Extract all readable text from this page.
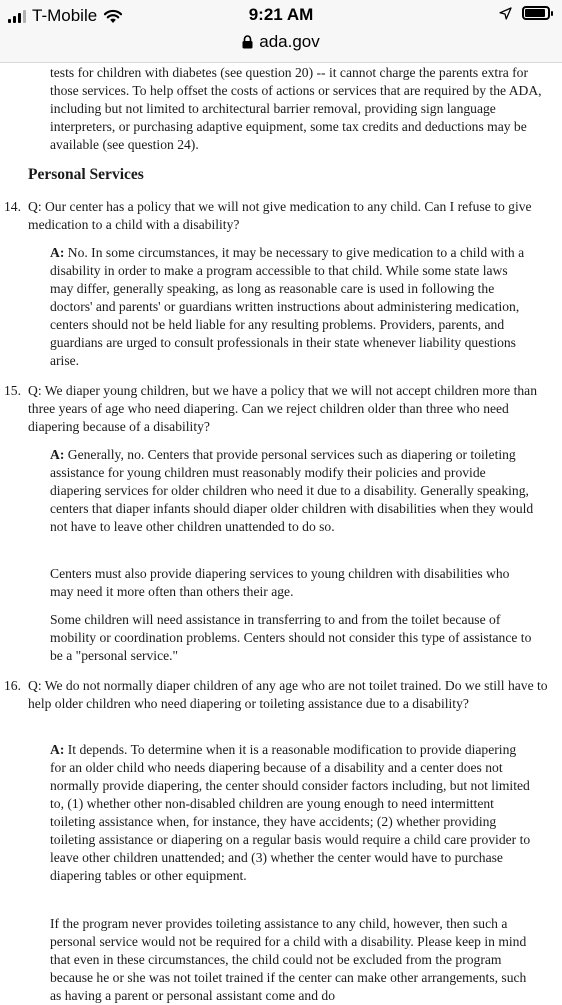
T-Mobile	9:21 AM
ada.gov

tests for children with diabetes (see question 20) -- it cannot charge the parents extra for those services. To help offset the costs of actions or services that are required by the ADA, including but not limited to architectural barrier removal, providing sign language interpreters, or purchasing adaptive equipment, some tax credits and deductions may be available (see question 24).

Personal Services
14. Q: Our center has a policy that we will not give medication to any child. Can I refuse to give medication to a child with a disability?

A: No. In some circumstances, it may be necessary to give medication to a child with a disability in order to make a program accessible to that child. While some state laws may differ, generally speaking, as long as reasonable care is used in following the doctors' and parents' or guardians written instructions about administering medication, centers should not be held liable for any resulting problems. Providers, parents, and guardians are urged to consult professionals in their state whenever liability questions arise.

15. Q: We diaper young children, but we have a policy that we will not accept children more than three years of age who need diapering. Can we reject children older than three who need diapering because of a disability?

A: Generally, no. Centers that provide personal services such as diapering or toileting assistance for young children must reasonably modify their policies and provide diapering services for older children who need it due to a disability. Generally speaking, centers that diaper infants should diaper older children with disabilities when they would not have to leave other children unattended to do so.

Centers must also provide diapering services to young children with disabilities who may need it more often than others their age.

Some children will need assistance in transferring to and from the toilet because of mobility or coordination problems. Centers should not consider this type of assistance to be a "personal service."

16. Q: We do not normally diaper children of any age who are not toilet trained. Do we still have to help older children who need diapering or toileting assistance due to a disability?

A: It depends. To determine when it is a reasonable modification to provide diapering for an older child who needs diapering because of a disability and a center does not normally provide diapering, the center should consider factors including, but not limited to, (1) whether other non-disabled children are young enough to need intermittent toileting assistance when, for instance, they have accidents; (2) whether providing toileting assistance or diapering on a regular basis would require a child care provider to leave other children unattended; and (3) whether the center would have to purchase diapering tables or other equipment.

If the program never provides toileting assistance to any child, however, then such a personal service would not be required for a child with a disability. Please keep in mind that even in these circumstances, the child could not be excluded from the program because he or she was not toilet trained if the center can make other arrangements, such as having a parent or personal assistant come and do
